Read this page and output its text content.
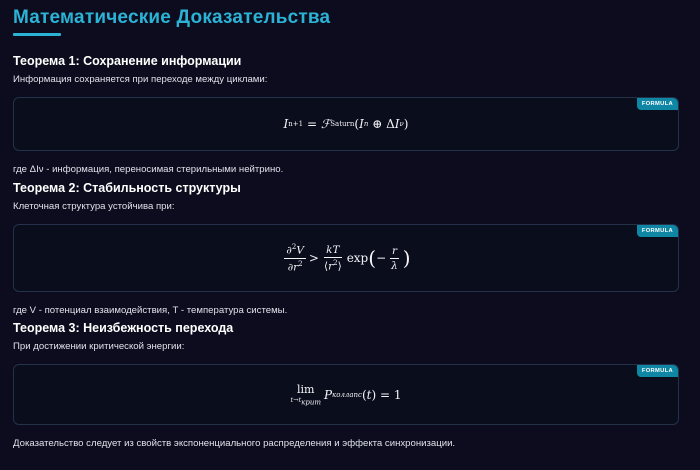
Математические Доказательства
Теорема 1: Сохранение информации
Информация сохраняется при переходе между циклами:
FORMULA
I n+1
= ℱ Saturn ( I n
⊕
Δ I ν )
где ΔIν - информация, переносимая стерильными нейтрино.
Теорема 2: Стабильность структуры
Клеточная структура устойчива при:
FORMULA
$\frac{\partial^2V}{\partial r^2} > \frac{kT}{⟨r^2⟩}$ exp ( − $\frac{r}{\lambda}$ )
где V - потенциал взаимодействия, T - температура системы.
Теорема 3: Неизбежность перехода
При достижении критической энергии:
FORMULA
lim
$t\to t_{крит}$
P коллапс ( t )
=
1
Доказательство следует из свойств экспоненциального распределения и эффекта синхронизации.
